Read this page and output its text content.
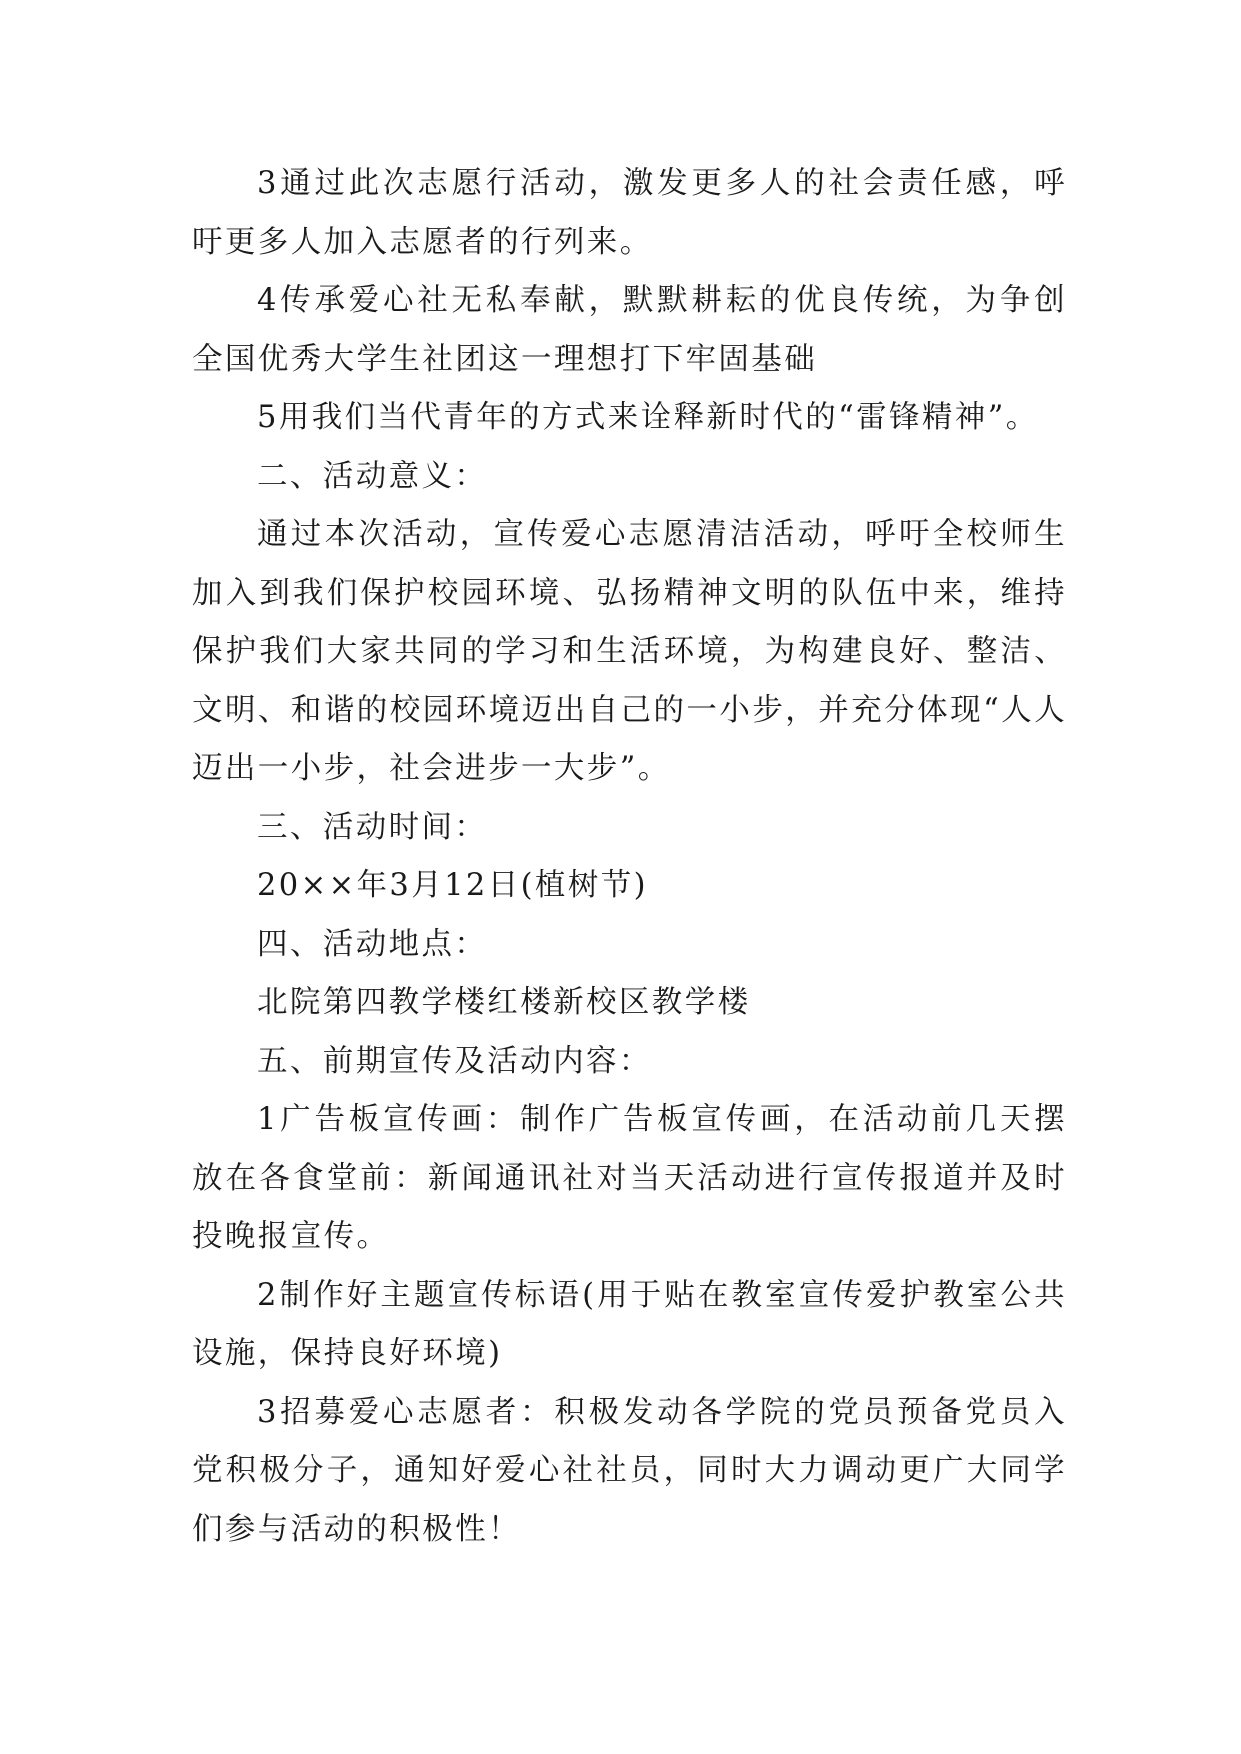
3通过此次志愿行活动，激发更多人的社会责任感，呼吁更多人加入志愿者的行列来。

4传承爱心社无私奉献，默默耕耘的优良传统，为争创全国优秀大学生社团这一理想打下牢固基础

5用我们当代青年的方式来诠释新时代的“雷锋精神”。

二、活动意义：

通过本次活动，宣传爱心志愿清洁活动，呼吁全校师生加入到我们保护校园环境、弘扬精神文明的队伍中来，维持保护我们大家共同的学习和生活环境，为构建良好、整洁、文明、和谐的校园环境迈出自己的一小步，并充分体现“人人迈出一小步，社会进步一大步”。

三、活动时间：

20××年3月12日(植树节)

四、活动地点：

北院第四教学楼红楼新校区教学楼

五、前期宣传及活动内容：

1广告板宣传画：制作广告板宣传画，在活动前几天摆放在各食堂前：新闻通讯社对当天活动进行宣传报道并及时投晚报宣传。

2制作好主题宣传标语(用于贴在教室宣传爱护教室公共设施，保持良好环境)

3招募爱心志愿者：积极发动各学院的党员预备党员入党积极分子，通知好爱心社社员，同时大力调动更广大同学们参与活动的积极性！
